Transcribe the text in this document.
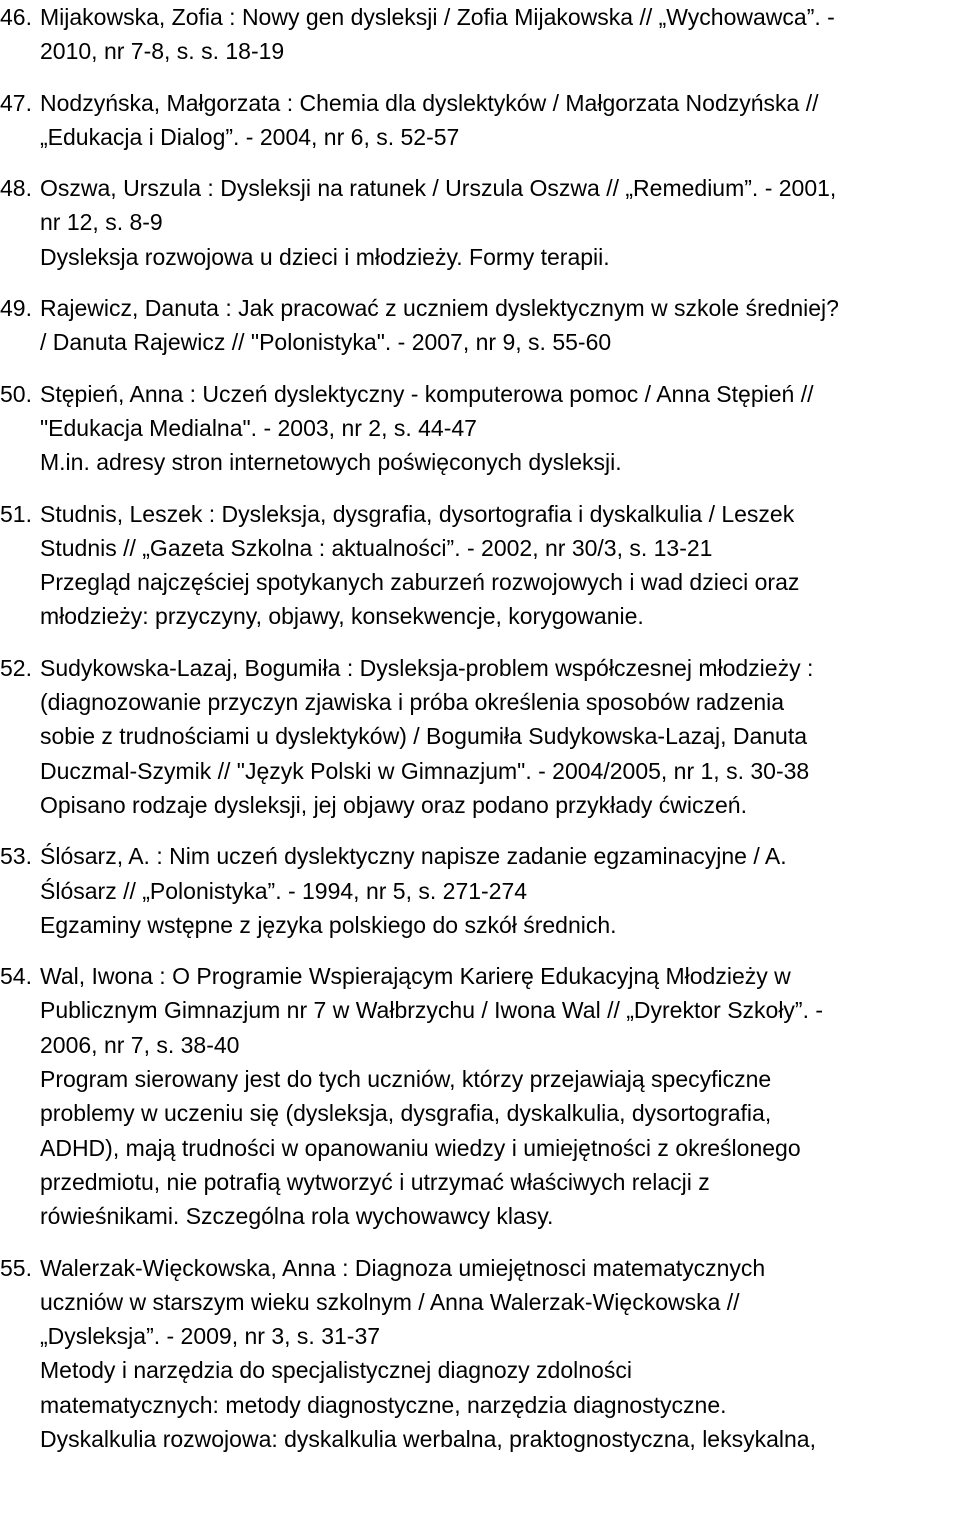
46. Mijakowska, Zofia : Nowy gen dysleksji / Zofia Mijakowska // „Wychowawca”. -
2010, nr 7-8, s. s. 18-19
47. Nodzyńska, Małgorzata : Chemia dla dyslektyków / Małgorzata Nodzyńska //
„Edukacja i Dialog”. - 2004, nr 6, s. 52-57
48. Oszwa, Urszula : Dysleksji na ratunek / Urszula Oszwa // „Remedium”. - 2001,
nr 12, s. 8-9
Dysleksja rozwojowa u dzieci i młodzieży. Formy terapii.
49. Rajewicz, Danuta : Jak pracować z uczniem dyslektycznym w szkole średniej?
/ Danuta Rajewicz // "Polonistyka". - 2007, nr 9, s. 55-60
50. Stępień, Anna : Uczeń dyslektyczny - komputerowa pomoc / Anna Stępień //
"Edukacja Medialna". - 2003, nr 2, s. 44-47
M.in. adresy stron internetowych poświęconych dysleksji.
51. Studnis, Leszek : Dysleksja, dysgrafia, dysortografia i dyskalkulia / Leszek
Studnis // „Gazeta Szkolna : aktualności”. - 2002, nr 30/3, s. 13-21
Przegląd najczęściej spotykanych zaburzeń rozwojowych i wad dzieci oraz
młodzieży: przyczyny, objawy, konsekwencje, korygowanie.
52. Sudykowska-Lazaj, Bogumiła : Dysleksja-problem współczesnej młodzieży :
(diagnozowanie przyczyn zjawiska i próba określenia sposobów radzenia
sobie z trudnościami u dyslektyków) / Bogumiła Sudykowska-Lazaj, Danuta
Duczmal-Szymik // "Język Polski w Gimnazjum". - 2004/2005, nr 1, s. 30-38
Opisano rodzaje dysleksji, jej objawy oraz podano przykłady ćwiczeń.
53. Ślósarz, A. : Nim uczeń dyslektyczny napisze zadanie egzaminacyjne / A.
Ślósarz // „Polonistyka”. - 1994, nr 5, s. 271-274
Egzaminy wstępne z języka polskiego do szkół średnich.
54. Wal, Iwona : O Programie Wspierającym Karierę Edukacyjną Młodzieży w
Publicznym Gimnazjum nr 7 w Wałbrzychu / Iwona Wal // „Dyrektor Szkoły”. -
2006, nr 7, s. 38-40
Program sierowany jest do tych uczniów, którzy przejawiają specyficzne
problemy w uczeniu się (dysleksja, dysgrafia, dyskalkulia, dysortografia,
ADHD), mają trudności w opanowaniu wiedzy i umiejętności z określonego
przedmiotu, nie potrafią wytworzyć i utrzymać właściwych relacji z
rówieśnikami. Szczególna rola wychowawcy klasy.
55. Walerzak-Więckowska, Anna : Diagnoza umiejętnosci matematycznych
uczniów w starszym wieku szkolnym / Anna Walerzak-Więckowska //
„Dysleksja”. - 2009, nr 3, s. 31-37
Metody i narzędzia do specjalistycznej diagnozy zdolności
matematycznych: metody diagnostyczne, narzędzia diagnostyczne.
Dyskalkulia rozwojowa: dyskalkulia werbalna, praktognostyczna, leksykalna,
